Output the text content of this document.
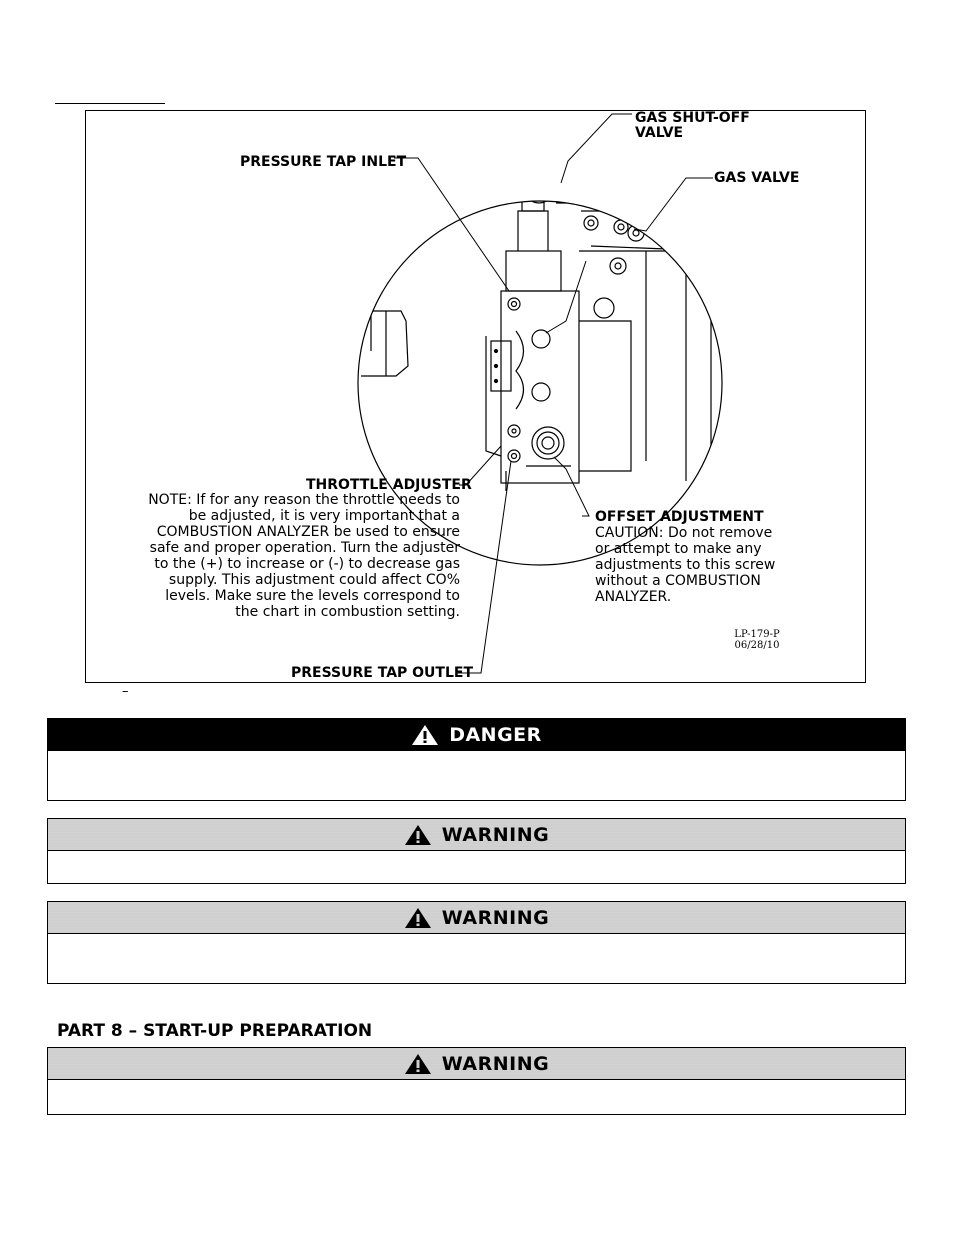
GAS SHUT-OFF
VALVE
PRESSURE TAP INLET
GAS VALVE
THROTTLE ADJUSTER
NOTE: If for any reason the throttle needs to
be adjusted, it is very important that a
COMBUSTION ANALYZER be used to ensure
safe and proper operation. Turn the adjuster
to the (+) to increase or (-) to decrease gas
supply. This adjustment could affect CO%
levels. Make sure the levels correspond to
the chart in combustion setting.
OFFSET ADJUSTMENT
CAUTION: Do not remove
or attempt to make any
adjustments to this screw
without a COMBUSTION
ANALYZER.
LP-179-P
06/28/10
PRESSURE TAP OUTLET
–
DANGER
WARNING
WARNING
PART 8 – START-UP PREPARATION
WARNING
